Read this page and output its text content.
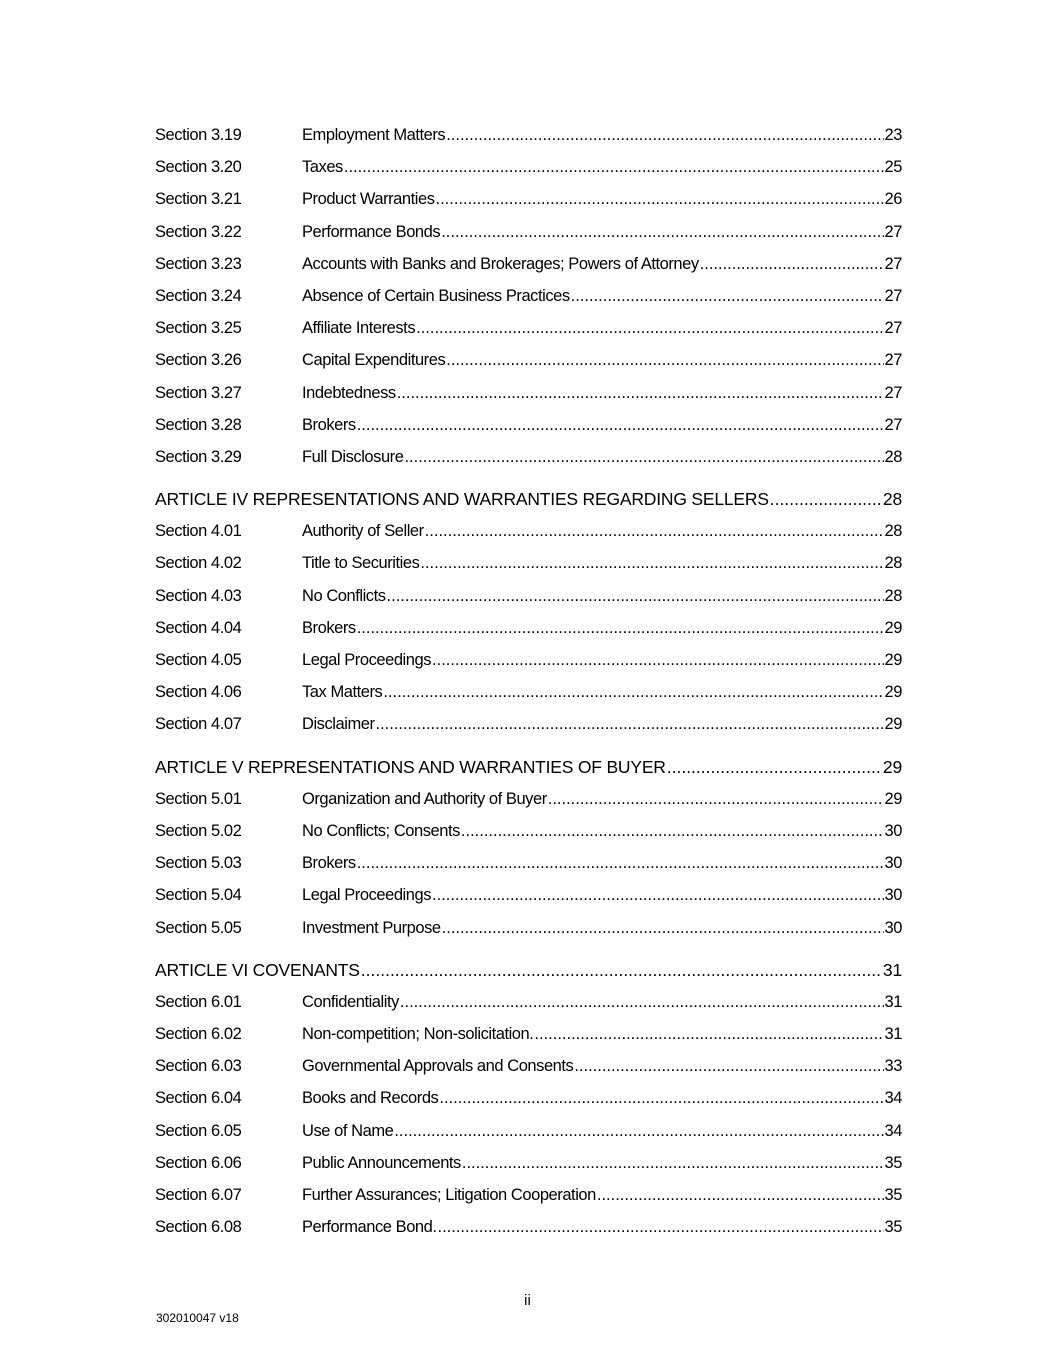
Section 3.19	Employment Matters .....	23
Section 3.20	Taxes .....	25
Section 3.21	Product Warranties .....	26
Section 3.22	Performance Bonds .....	27
Section 3.23	Accounts with Banks and Brokerages; Powers of Attorney .....	27
Section 3.24	Absence of Certain Business Practices .....	27
Section 3.25	Affiliate Interests .....	27
Section 3.26	Capital Expenditures .....	27
Section 3.27	Indebtedness .....	27
Section 3.28	Brokers .....	27
Section 3.29	Full Disclosure .....	28
ARTICLE IV REPRESENTATIONS AND WARRANTIES REGARDING SELLERS .....	28
Section 4.01	Authority of Seller .....	28
Section 4.02	Title to Securities .....	28
Section 4.03	No Conflicts .....	28
Section 4.04	Brokers .....	29
Section 4.05	Legal Proceedings .....	29
Section 4.06	Tax Matters .....	29
Section 4.07	Disclaimer .....	29
ARTICLE V REPRESENTATIONS AND WARRANTIES OF BUYER .....	29
Section 5.01	Organization and Authority of Buyer .....	29
Section 5.02	No Conflicts; Consents .....	30
Section 5.03	Brokers .....	30
Section 5.04	Legal Proceedings .....	30
Section 5.05	Investment Purpose .....	30
ARTICLE VI COVENANTS .....	31
Section 6.01	Confidentiality .....	31
Section 6.02	Non-competition; Non-solicitation. .....	31
Section 6.03	Governmental Approvals and Consents .....	33
Section 6.04	Books and Records .....	34
Section 6.05	Use of Name .....	34
Section 6.06	Public Announcements .....	35
Section 6.07	Further Assurances; Litigation Cooperation .....	35
Section 6.08	Performance Bond. .....	35
ii
302010047 v18
